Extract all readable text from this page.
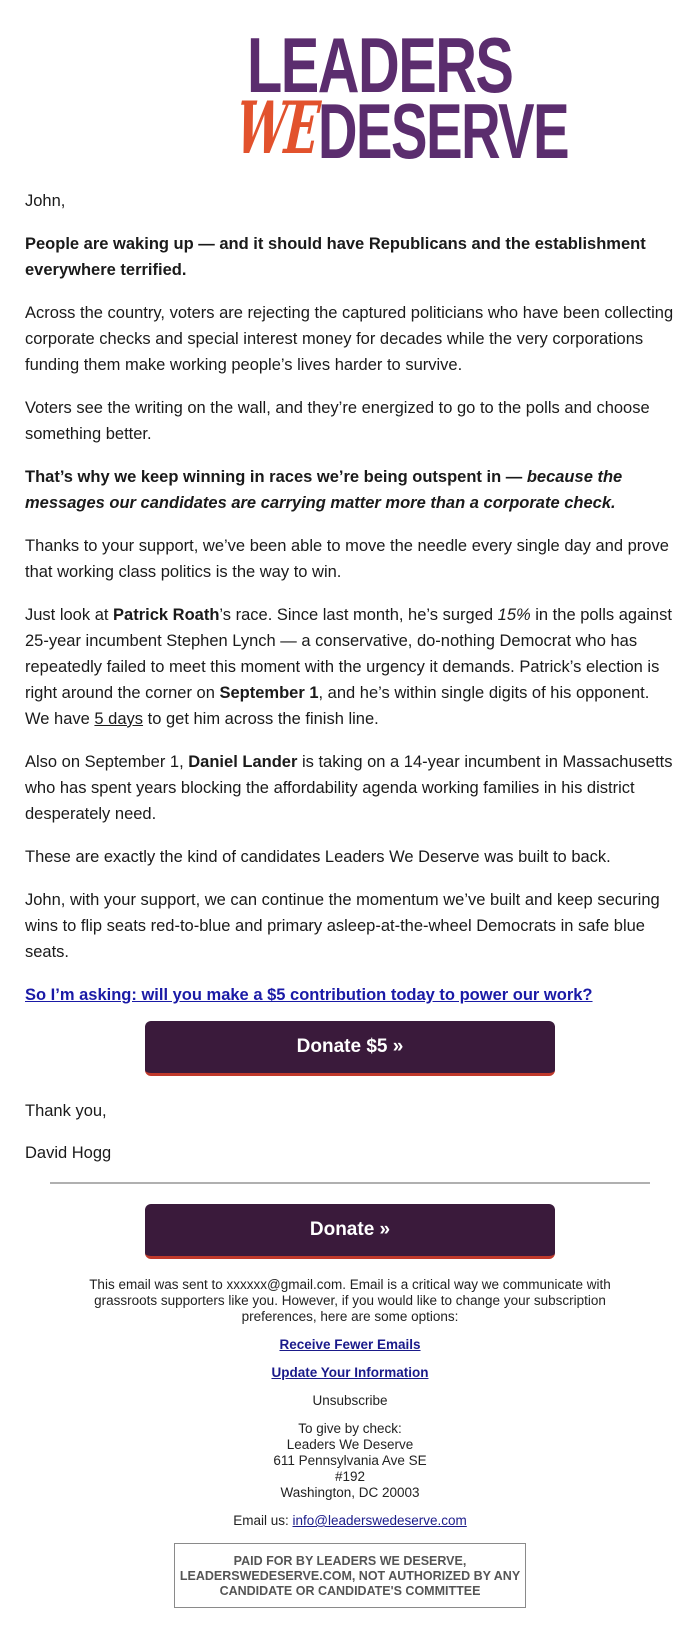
LEADERS
WE
DESERVE

John,

People are waking up — and it should have Republicans and the establishment everywhere terrified.

Across the country, voters are rejecting the captured politicians who have been collecting corporate checks and special interest money for decades while the very corporations funding them make working people’s lives harder to survive.

Voters see the writing on the wall, and they’re energized to go to the polls and choose something better.

That’s why we keep winning in races we’re being outspent in — because the messages our candidates are carrying matter more than a corporate check.

Thanks to your support, we’ve been able to move the needle every single day and prove that working class politics is the way to win.

Just look at Patrick Roath’s race. Since last month, he’s surged 15% in the polls against 25-year incumbent Stephen Lynch — a conservative, do-nothing Democrat who has repeatedly failed to meet this moment with the urgency it demands. Patrick’s election is right around the corner on September 1, and he’s within single digits of his opponent. We have 5 days to get him across the finish line.

Also on September 1, Daniel Lander is taking on a 14-year incumbent in Massachusetts who has spent years blocking the affordability agenda working families in his district desperately need.

These are exactly the kind of candidates Leaders We Deserve was built to back.

John, with your support, we can continue the momentum we’ve built and keep securing wins to flip seats red-to-blue and primary asleep-at-the-wheel Democrats in safe blue seats.

So I’m asking: will you make a $5 contribution today to power our work?

Donate $5 »

Thank you,

David Hogg

Donate »

This email was sent to xxxxxx@gmail.com. Email is a critical way we communicate with grassroots supporters like you. However, if you would like to change your subscription preferences, here are some options:

Receive Fewer Emails

Update Your Information

Unsubscribe

To give by check:
Leaders We Deserve
611 Pennsylvania Ave SE
#192
Washington, DC 20003

Email us: info@leaderswedeserve.com

PAID FOR BY LEADERS WE DESERVE, LEADERSWEDESERVE.COM, NOT AUTHORIZED BY ANY CANDIDATE OR CANDIDATE'S COMMITTEE
